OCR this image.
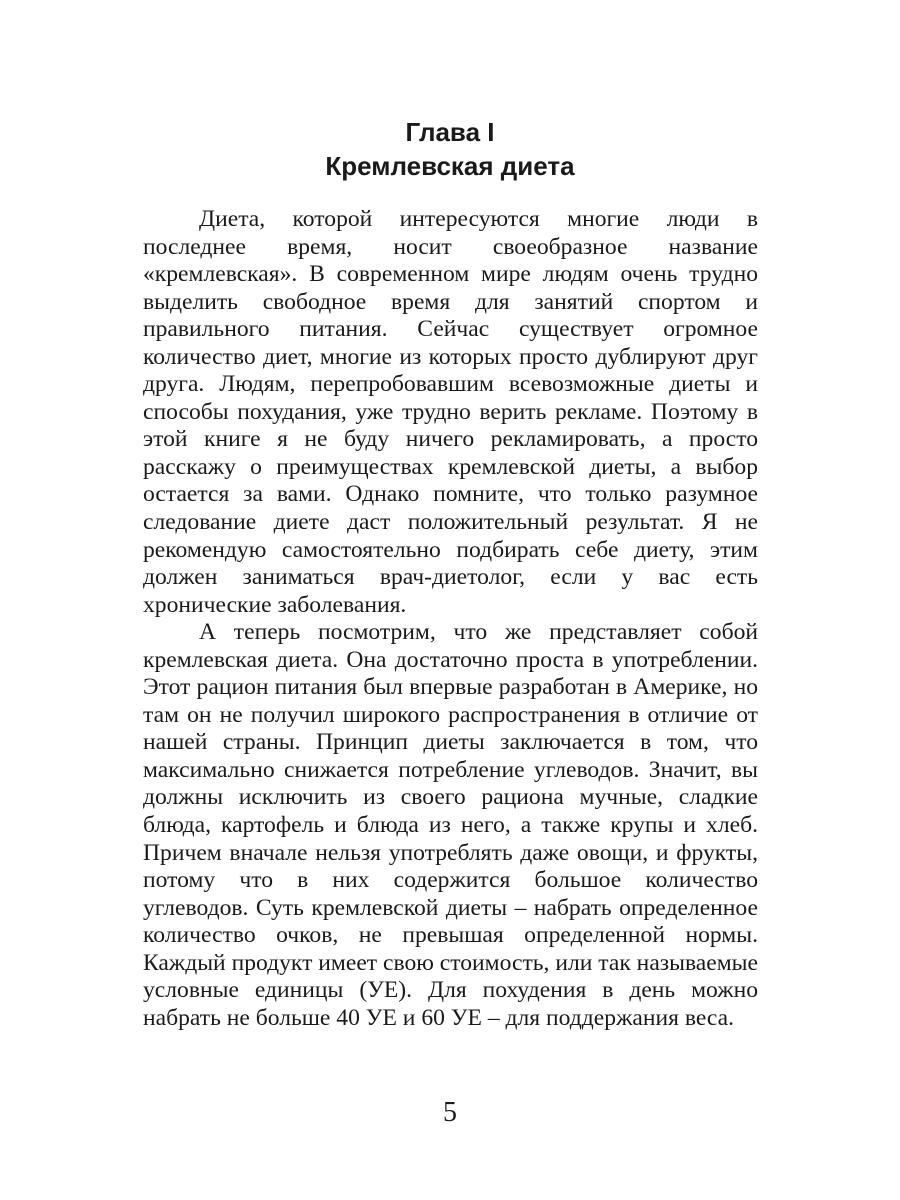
Глава I
Кремлевская диета

Диета, которой интересуются многие люди в последнее время, носит своеобразное название «кремлевская». В современном мире людям очень трудно выделить свободное время для занятий спортом и правильного питания. Сейчас существует огромное количество диет, многие из которых просто дублируют друг друга. Людям, перепробовавшим всевозможные диеты и способы похудания, уже трудно верить рекламе. Поэтому в этой книге я не буду ничего рекламировать, а просто расскажу о преимуществах кремлевской диеты, а выбор остается за вами. Однако помните, что только разумное следование диете даст положительный результат. Я не рекомендую самостоятельно подбирать себе диету, этим должен заниматься врач-диетолог, если у вас есть хронические заболевания.

А теперь посмотрим, что же представляет собой кремлевская диета. Она достаточно проста в употреблении. Этот рацион питания был впервые разработан в Америке, но там он не получил широкого распространения в отличие от нашей страны. Принцип диеты заключается в том, что максимально снижается потребление углеводов. Значит, вы должны исключить из своего рациона мучные, сладкие блюда, картофель и блюда из него, а также крупы и хлеб. Причем вначале нельзя употреблять даже овощи, и фрукты, потому что в них содержится большое количество углеводов. Суть кремлевской диеты – набрать определенное количество очков, не превышая определенной нормы. Каждый продукт имеет свою стоимость, или так называемые условные единицы (УЕ). Для похудения в день можно набрать не больше 40 УЕ и 60 УЕ – для поддержания веса.

5
